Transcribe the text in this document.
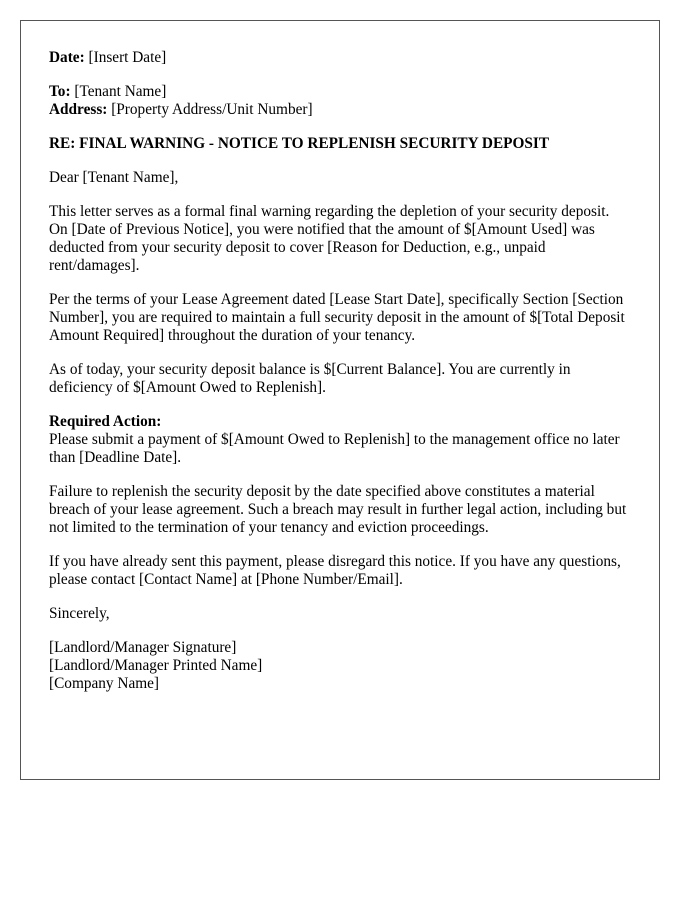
Date: [Insert Date]

To: [Tenant Name]

Address: [Property Address/Unit Number]

RE: FINAL WARNING - NOTICE TO REPLENISH SECURITY DEPOSIT

Dear [Tenant Name],

This letter serves as a formal final warning regarding the depletion of your security deposit. On [Date of Previous Notice], you were notified that the amount of $[Amount Used] was deducted from your security deposit to cover [Reason for Deduction, e.g., unpaid rent/damages].

Per the terms of your Lease Agreement dated [Lease Start Date], specifically Section [Section Number], you are required to maintain a full security deposit in the amount of $[Total Deposit Amount Required] throughout the duration of your tenancy.

As of today, your security deposit balance is $[Current Balance]. You are currently in deficiency of $[Amount Owed to Replenish].

Required Action:
Please submit a payment of $[Amount Owed to Replenish] to the management office no later than [Deadline Date].

Failure to replenish the security deposit by the date specified above constitutes a material breach of your lease agreement. Such a breach may result in further legal action, including but not limited to the termination of your tenancy and eviction proceedings.

If you have already sent this payment, please disregard this notice. If you have any questions, please contact [Contact Name] at [Phone Number/Email].

Sincerely,

[Landlord/Manager Signature]
[Landlord/Manager Printed Name]
[Company Name]
